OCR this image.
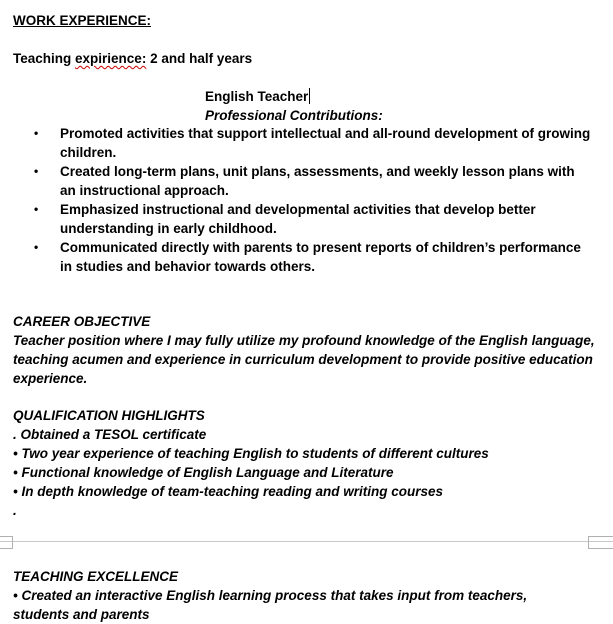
WORK EXPERIENCE:
Teaching expirience: 2 and half years
English Teacher
Professional Contributions:
• Promoted activities that support intellectual and all-round development of growing children.
• Created long-term plans, unit plans, assessments, and weekly lesson plans with an instructional approach.
• Emphasized instructional and developmental activities that develop better understanding in early childhood.
• Communicated directly with parents to present reports of children’s performance in studies and behavior towards others.
CAREER OBJECTIVE
Teacher position where I may fully utilize my profound knowledge of the English language, teaching acumen and experience in curriculum development to provide positive education experience.
QUALIFICATION HIGHLIGHTS
. Obtained a TESOL certificate
• Two year experience of teaching English to students of different cultures
• Functional knowledge of English Language and Literature
• In depth knowledge of team-teaching reading and writing courses
.
TEACHING EXCELLENCE
• Created an interactive English learning process that takes input from teachers, students and parents
